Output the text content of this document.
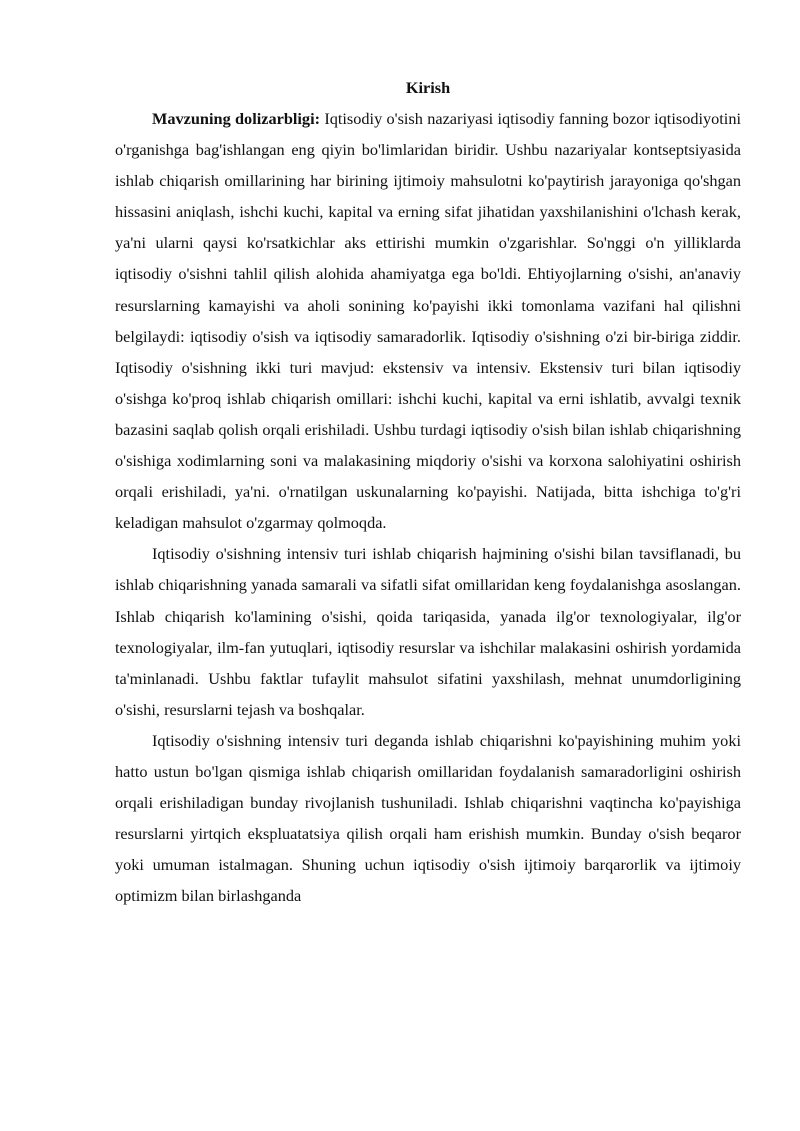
Kirish

Mavzuning dolizarbligi: Iqtisodiy o'sish nazariyasi iqtisodiy fanning bozor iqtisodiyotini o'rganishga bag'ishlangan eng qiyin bo'limlaridan biridir. Ushbu nazariyalar kontseptsiyasida ishlab chiqarish omillarining har birining ijtimoiy mahsulotni ko'paytirish jarayoniga qo'shgan hissasini aniqlash, ishchi kuchi, kapital va erning sifat jihatidan yaxshilanishini o'lchash kerak, ya'ni ularni qaysi ko'rsatkichlar aks ettirishi mumkin o'zgarishlar. So'nggi o'n yilliklarda iqtisodiy o'sishni tahlil qilish alohida ahamiyatga ega bo'ldi. Ehtiyojlarning o'sishi, an'anaviy resurslarning kamayishi va aholi sonining ko'payishi ikki tomonlama vazifani hal qilishni belgilaydi: iqtisodiy o'sish va iqtisodiy samaradorlik. Iqtisodiy o'sishning o'zi bir-biriga ziddir. Iqtisodiy o'sishning ikki turi mavjud: ekstensiv va intensiv. Ekstensiv turi bilan iqtisodiy o'sishga ko'proq ishlab chiqarish omillari: ishchi kuchi, kapital va erni ishlatib, avvalgi texnik bazasini saqlab qolish orqali erishiladi. Ushbu turdagi iqtisodiy o'sish bilan ishlab chiqarishning o'sishiga xodimlarning soni va malakasining miqdoriy o'sishi va korxona salohiyatini oshirish orqali erishiladi, ya'ni. o'rnatilgan uskunalarning ko'payishi. Natijada, bitta ishchiga to'g'ri keladigan mahsulot o'zgarmay qolmoqda.

Iqtisodiy o'sishning intensiv turi ishlab chiqarish hajmining o'sishi bilan tavsiflanadi, bu ishlab chiqarishning yanada samarali va sifatli sifat omillaridan keng foydalanishga asoslangan. Ishlab chiqarish ko'lamining o'sishi, qoida tariqasida, yanada ilg'or texnologiyalar, ilg'or texnologiyalar, ilm-fan yutuqlari, iqtisodiy resurslar va ishchilar malakasini oshirish yordamida ta'minlanadi. Ushbu faktlar tufaylit mahsulot sifatini yaxshilash, mehnat unumdorligining o'sishi, resurslarni tejash va boshqalar.

Iqtisodiy o'sishning intensiv turi deganda ishlab chiqarishni ko'payishining muhim yoki hatto ustun bo'lgan qismiga ishlab chiqarish omillaridan foydalanish samaradorligini oshirish orqali erishiladigan bunday rivojlanish tushuniladi. Ishlab chiqarishni vaqtincha ko'payishiga resurslarni yirtqich ekspluatatsiya qilish orqali ham erishish mumkin. Bunday o'sish beqaror yoki umuman istalmagan. Shuning uchun iqtisodiy o'sish ijtimoiy barqarorlik va ijtimoiy optimizm bilan birlashganda
